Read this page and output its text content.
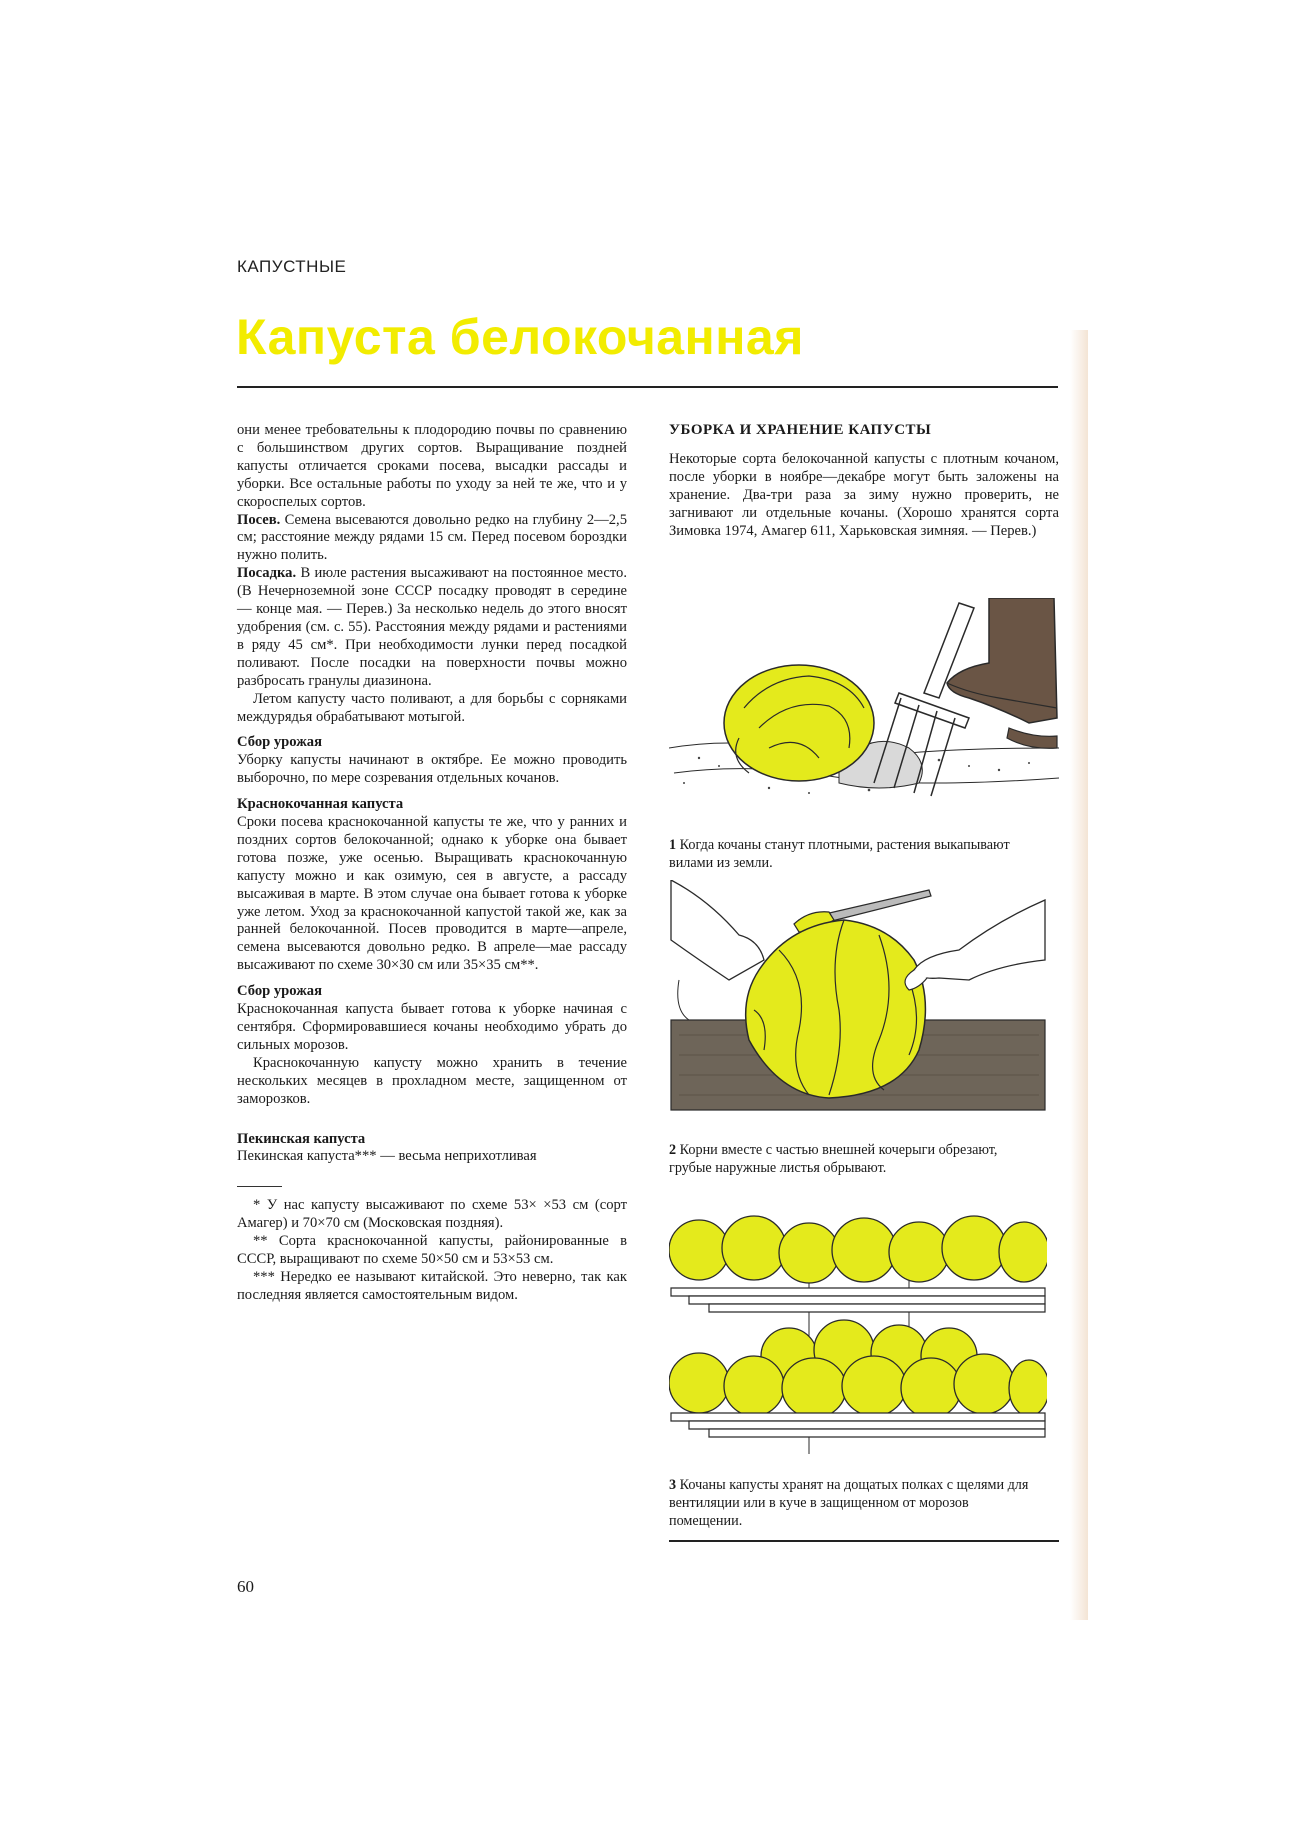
КАПУСТНЫЕ
Капуста белокочанная

они менее требовательны к плодородию почвы по сравнению с большинством других сортов. Выращивание поздней капусты отличается сроками посева, высадки рассады и уборки. Все остальные работы по уходу за ней те же, что и у скороспелых сортов.

Посев. Семена высеваются довольно редко на глубину 2—2,5 см; расстояние между рядами 15 см. Перед посевом бороздки нужно полить.

Посадка. В июле растения высаживают на постоянное место. (В Нечерноземной зоне СССР посадку проводят в середине — конце мая. — Перев.) За несколько недель до этого вносят удобрения (см. с. 55). Расстояния между рядами и растениями в ряду 45 см*. При необходимости лунки перед посадкой поливают. После посадки на поверхности почвы можно разбросать гранулы диазинона.

Летом капусту часто поливают, а для борьбы с сорняками междурядья обрабатывают мотыгой.

Сбор урожая

Уборку капусты начинают в октябре. Ее можно проводить выборочно, по мере созревания отдельных кочанов.

Краснокочанная капуста

Сроки посева краснокочанной капусты те же, что у ранних и поздних сортов белокочанной; однако к уборке она бывает готова позже, уже осенью. Выращивать краснокочанную капусту можно и как озимую, сея в августе, а рассаду высаживая в марте. В этом случае она бывает готова к уборке уже летом. Уход за краснокочанной капустой такой же, как за ранней белокочанной. Посев проводится в марте—апреле, семена высеваются довольно редко. В апреле—мае рассаду высаживают по схеме 30×30 см или 35×35 см**.

Сбор урожая

Краснокочанная капуста бывает готова к уборке начиная с сентября. Сформировавшиеся кочаны необходимо убрать до сильных морозов.

Краснокочанную капусту можно хранить в течение нескольких месяцев в прохладном месте, защищенном от заморозков.

Пекинская капуста

Пекинская капуста*** — весьма неприхотливая

* У нас капусту высаживают по схеме 53× ×53 см (сорт Амагер) и 70×70 см (Московская поздняя).

** Сорта краснокочанной капусты, районированные в СССР, выращивают по схеме 50×50 см и 53×53 см.

*** Нередко ее называют китайской. Это неверно, так как последняя является самостоятельным видом.

60
УБОРКА И ХРАНЕНИЕ КАПУСТЫ

Некоторые сорта белокочанной капусты с плотным кочаном, после уборки в ноябре—декабре могут быть заложены на хранение. Два-три раза за зиму нужно проверить, не загнивают ли отдельные кочаны. (Хорошо хранятся сорта Зимовка 1974, Амагер 611, Харьковская зимняя. — Перев.)

1 Когда кочаны станут плотными, растения выкапывают вилами из земли.

2 Корни вместе с частью внешней кочерыги обрезают, грубые наружные листья обрывают.

3 Кочаны капусты хранят на дощатых полках с щелями для вентиляции или в куче в защищенном от морозов помещении.
